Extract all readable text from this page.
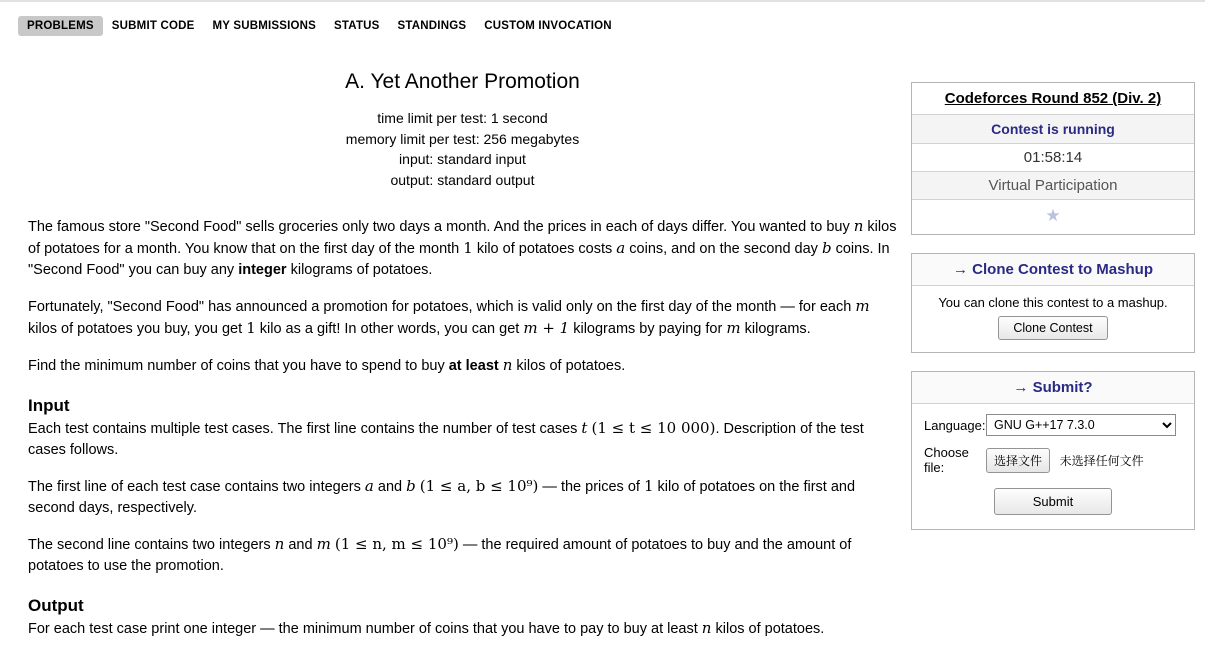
PROBLEMS	SUBMIT CODE	MY SUBMISSIONS	STATUS	STANDINGS	CUSTOM INVOCATION
A. Yet Another Promotion
time limit per test: 1 second
memory limit per test: 256 megabytes
input: standard input
output: standard output

The famous store "Second Food" sells groceries only two days a month. And the prices in each of days differ. You wanted to buy n kilos of potatoes for a month. You know that on the first day of the month 1 kilo of potatoes costs a coins, and on the second day b coins. In "Second Food" you can buy any integer kilograms of potatoes.

Fortunately, "Second Food" has announced a promotion for potatoes, which is valid only on the first day of the month — for each m kilos of potatoes you buy, you get 1 kilo as a gift! In other words, you can get m + 1 kilograms by paying for m kilograms.

Find the minimum number of coins that you have to spend to buy at least n kilos of potatoes.

Input

Each test contains multiple test cases. The first line contains the number of test cases t (1 ≤ t ≤ 10 000). Description of the test cases follows.

The first line of each test case contains two integers a and b (1 ≤ a, b ≤ 10⁹) — the prices of 1 kilo of potatoes on the first and second days, respectively.

The second line contains two integers n and m (1 ≤ n, m ≤ 10⁹) — the required amount of potatoes to buy and the amount of potatoes to use the promotion.

Output

For each test case print one integer — the minimum number of coins that you have to pay to buy at least n kilos of potatoes.

Codeforces Round 852 (Div. 2)
Contest is running
01:58:14
Virtual Participation
★
→ Clone Contest to Mashup
You can clone this contest to a mashup.
Clone Contest
→ Submit?
Language:
GNU G++17 7.3.0
Choose file:	选择文件 未选择任何文件
Submit
